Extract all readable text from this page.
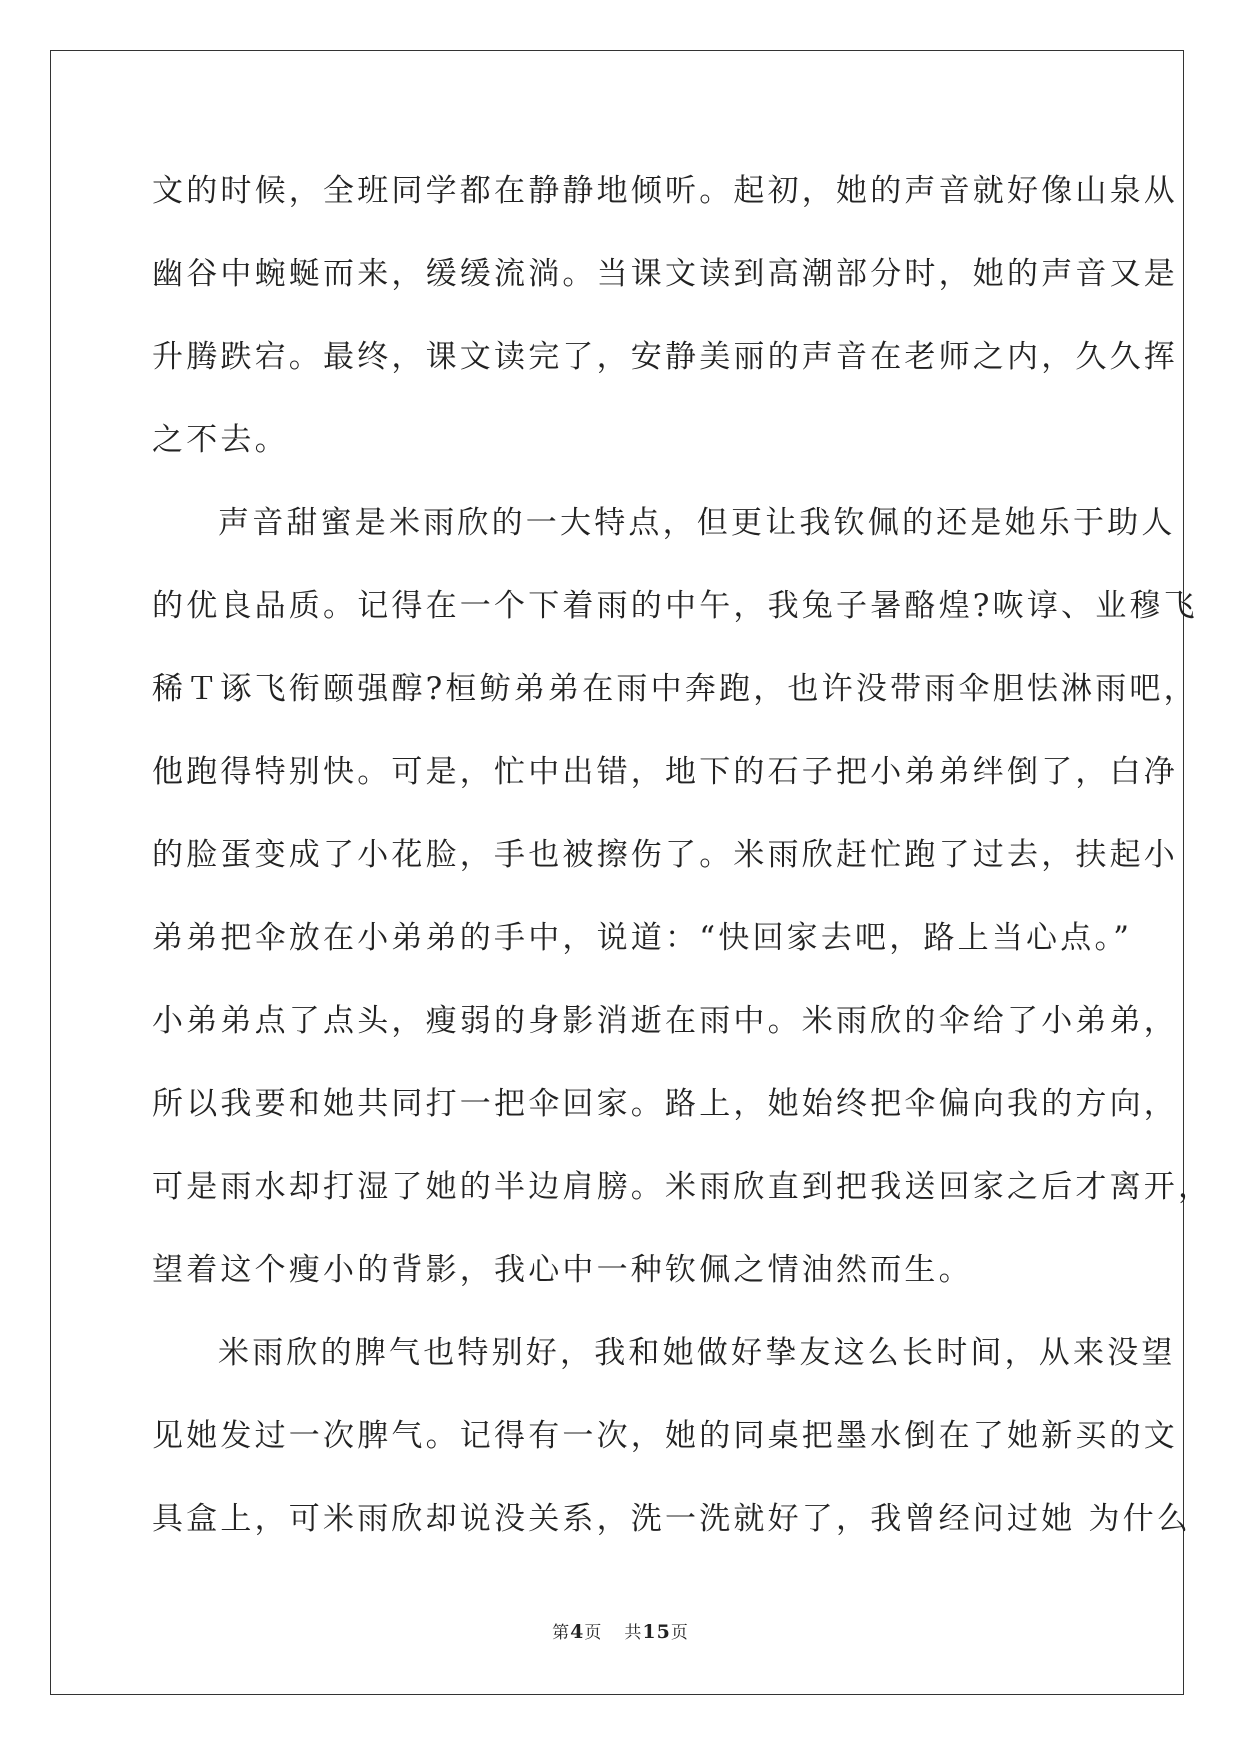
文的时候，全班同学都在静静地倾听。起初，她的声音就好像山泉从
幽谷中蜿蜒而来，缓缓流淌。当课文读到高潮部分时，她的声音又是
升腾跌宕。最终，课文读完了，安静美丽的声音在老师之内，久久挥
之不去。
声音甜蜜是米雨欣的一大特点，但更让我钦佩的还是她乐于助人
的优良品质。记得在一个下着雨的中午，我兔子暑酪煌?咴谆、业穆飞
稀Ｔ诼飞衔颐强醇?桓鲂弟弟在雨中奔跑，也许没带雨伞胆怯淋雨吧，
他跑得特别快。可是，忙中出错，地下的石子把小弟弟绊倒了，白净
的脸蛋变成了小花脸，手也被擦伤了。米雨欣赶忙跑了过去，扶起小
弟弟把伞放在小弟弟的手中，说道：“快回家去吧，路上当心点。”
小弟弟点了点头，瘦弱的身影消逝在雨中。米雨欣的伞给了小弟弟，
所以我要和她共同打一把伞回家。路上，她始终把伞偏向我的方向，
可是雨水却打湿了她的半边肩膀。米雨欣直到把我送回家之后才离开，
望着这个瘦小的背影，我心中一种钦佩之情油然而生。
米雨欣的脾气也特别好，我和她做好挚友这么长时间，从来没望
见她发过一次脾气。记得有一次，她的同桌把墨水倒在了她新买的文
具盒上，可米雨欣却说没关系，洗一洗就好了，我曾经问过她 为什么
第4页 共15页
